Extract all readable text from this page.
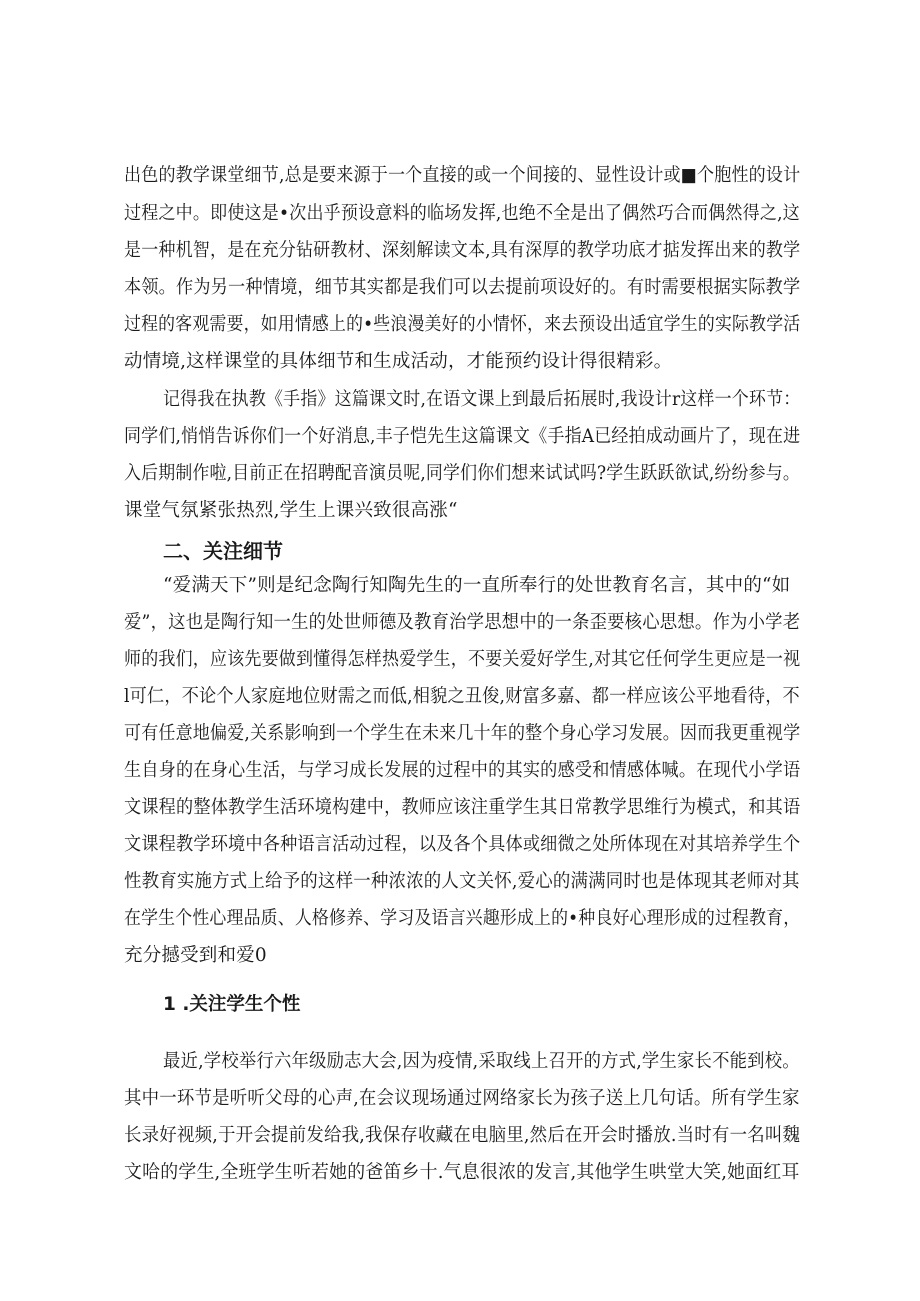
出色的教学课堂细节,总是要来源于一个直接的或一个间接的、显性设计或■个胞性的设计
过程之中。即使这是•次出乎预设意料的临场发挥,也绝不全是出了偶然巧合而偶然得之,这
是一种机智，是在充分钻研教材、深刻解读文本,具有深厚的教学功底才掂发挥出来的教学
本领。作为另一种情境，细节其实都是我们可以去提前项设好的。有时需要根据实际教学
过程的客观需要，如用情感上的•些浪漫美好的小情怀，来去预设出适宜学生的实际教学活
动情境,这样课堂的具体细节和生成活动，才能预约设计得很精彩。
记得我在执教《手指》这篇课文时,在语文课上到最后拓展时,我设计r这样一个环节：
同学们,悄悄告诉你们一个好消息,丰子恺先生这篇课文《手指A已经拍成动画片了，现在进
入后期制作啦,目前正在招聘配音演员呢,同学们你们想来试试吗?学生跃跃欲试,纷纷参与。
课堂气氛紧张热烈,学生上课兴致很高涨“
二、关注细节
“爱满天下”则是纪念陶行知陶先生的一直所奉行的处世教育名言，其中的“如
爱”，这也是陶行知一生的处世师德及教育治学思想中的一条歪要核心思想。作为小学老
师的我们，应该先要做到懂得怎样热爱学生，不要关爱好学生,对其它任何学生更应是一视
l可仁，不论个人家庭地位财需之而低,相貌之丑俊,财富多嘉、都一样应该公平地看待，不
可有任意地偏爱,关系影响到一个学生在未来几十年的整个身心学习发展。因而我更重视学
生自身的在身心生活，与学习成长发展的过程中的其实的感受和情感体喊。在现代小学语
文课程的整体教学生活环境构建中，教师应该注重学生其日常教学思维行为模式，和其语
文课程教学环境中各种语言活动过程，以及各个具体或细微之处所体现在对其培养学生个
性教育实施方式上给予的这样一种浓浓的人文关怀,爱心的满满同时也是体现其老师对其
在学生个性心理品质、人格修养、学习及语言兴趣形成上的•种良好心理形成的过程教育，
充分撼受到和爱0
1 .关注学生个性
最近,学校举行六年级励志大会,因为疫情,采取线上召开的方式,学生家长不能到校。
其中一环节是听听父母的心声,在会议现场通过网络家长为孩子送上几句话。所有学生家
长录好视频,于开会提前发给我,我保存收藏在电脑里,然后在开会时播放.当时有一名叫魏
文哈的学生,全班学生听若她的爸笛乡十.气息很浓的发言,其他学生哄堂大笑,她面红耳
